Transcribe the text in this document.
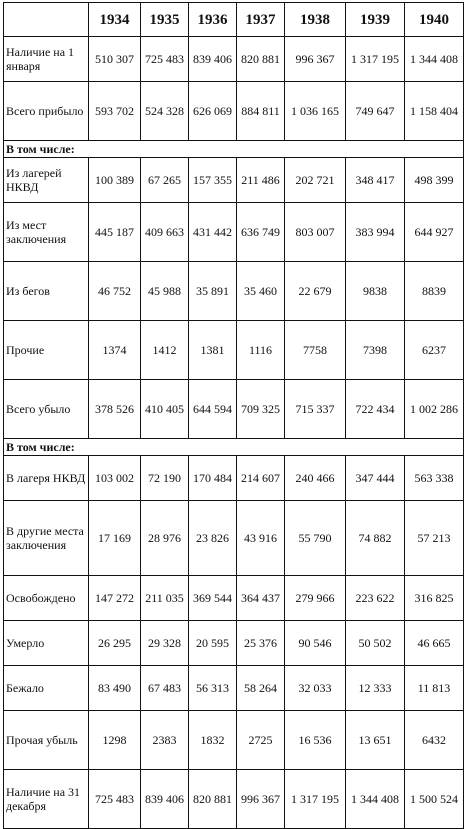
	1934	1935	1936	1937	1938	1939	1940
Наличие на 1 января	510 307	725 483	839 406	820 881	996 367	1 317 195	1 344 408
Всего прибыло	593 702	524 328	626 069	884 811	1 036 165	749 647	1 158 404
В том числе:							
Из лагерей НКВД	100 389	67 265	157 355	211 486	202 721	348 417	498 399
Из мест заключения	445 187	409 663	431 442	636 749	803 007	383 994	644 927
Из бегов	46 752	45 988	35 891	35 460	22 679	9838	8839
Прочие	1374	1412	1381	1116	7758	7398	6237
Всего убыло	378 526	410 405	644 594	709 325	715 337	722 434	1 002 286
В том числе:							
В лагеря НКВД	103 002	72 190	170 484	214 607	240 466	347 444	563 338
В другие места заключения	17 169	28 976	23 826	43 916	55 790	74 882	57 213
Освобождено	147 272	211 035	369 544	364 437	279 966	223 622	316 825
Умерло	26 295	29 328	20 595	25 376	90 546	50 502	46 665
Бежало	83 490	67 483	56 313	58 264	32 033	12 333	11 813
Прочая убыль	1298	2383	1832	2725	16 536	13 651	6432
Наличие на 31 декабря	725 483	839 406	820 881	996 367	1 317 195	1 344 408	1 500 524
